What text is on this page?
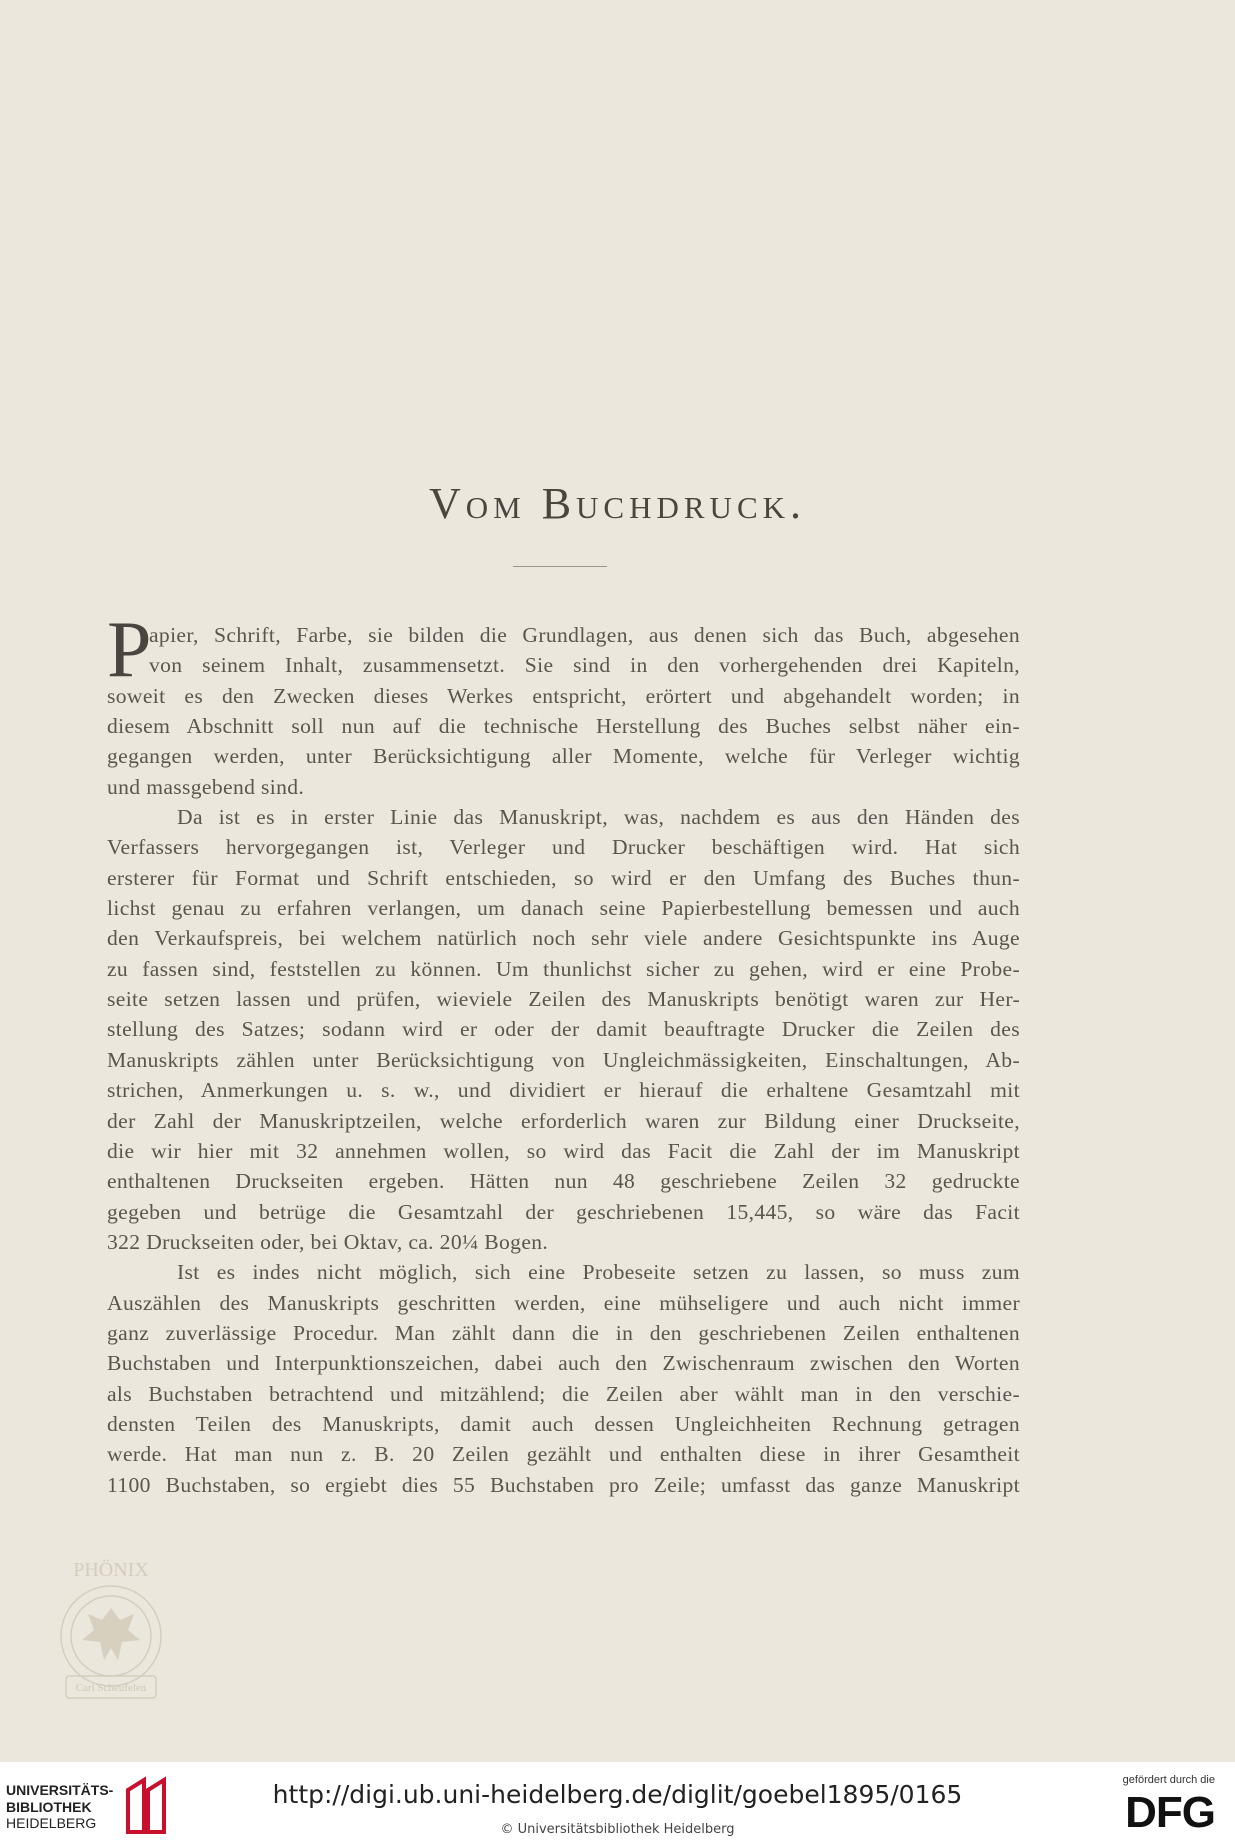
Vom Buchdruck.
P
apier, Schrift, Farbe, sie bilden die Grundlagen, aus denen sich das Buch, abgesehen
von seinem Inhalt, zusammensetzt. Sie sind in den vorhergehenden drei Kapiteln,
soweit es den Zwecken dieses Werkes entspricht, erörtert und abgehandelt worden; in
diesem Abschnitt soll nun auf die technische Herstellung des Buches selbst näher ein-
gegangen werden, unter Berücksichtigung aller Momente, welche für Verleger wichtig
und massgebend sind.
Da ist es in erster Linie das Manuskript, was, nachdem es aus den Händen des
Verfassers hervorgegangen ist, Verleger und Drucker beschäftigen wird. Hat sich
ersterer für Format und Schrift entschieden, so wird er den Umfang des Buches thun-
lichst genau zu erfahren verlangen, um danach seine Papierbestellung bemessen und auch
den Verkaufspreis, bei welchem natürlich noch sehr viele andere Gesichtspunkte ins Auge
zu fassen sind, feststellen zu können. Um thunlichst sicher zu gehen, wird er eine Probe-
seite setzen lassen und prüfen, wieviele Zeilen des Manuskripts benötigt waren zur Her-
stellung des Satzes; sodann wird er oder der damit beauftragte Drucker die Zeilen des
Manuskripts zählen unter Berücksichtigung von Ungleichmässigkeiten, Einschaltungen, Ab-
strichen, Anmerkungen u. s. w., und dividiert er hierauf die erhaltene Gesamtzahl mit
der Zahl der Manuskriptzeilen, welche erforderlich waren zur Bildung einer Druckseite,
die wir hier mit 32 annehmen wollen, so wird das Facit die Zahl der im Manuskript
enthaltenen Druckseiten ergeben. Hätten nun 48 geschriebene Zeilen 32 gedruckte
gegeben und betrüge die Gesamtzahl der geschriebenen 15,445, so wäre das Facit
322 Druckseiten oder, bei Oktav, ca. 20¼ Bogen.
Ist es indes nicht möglich, sich eine Probeseite setzen zu lassen, so muss zum
Auszählen des Manuskripts geschritten werden, eine mühseligere und auch nicht immer
ganz zuverlässige Procedur. Man zählt dann die in den geschriebenen Zeilen enthaltenen
Buchstaben und Interpunktionszeichen, dabei auch den Zwischenraum zwischen den Worten
als Buchstaben betrachtend und mitzählend; die Zeilen aber wählt man in den verschie-
densten Teilen des Manuskripts, damit auch dessen Ungleichheiten Rechnung getragen
werde. Hat man nun z. B. 20 Zeilen gezählt und enthalten diese in ihrer Gesamtheit
1100 Buchstaben, so ergiebt dies 55 Buchstaben pro Zeile; umfasst das ganze Manuskript
PHÖNIX
Carl Scheufelen
UNIVERSITÄTS-
BIBLIOTHEK
HEIDELBERG
http://digi.ub.uni-heidelberg.de/diglit/goebel1895/0165
© Universitätsbibliothek Heidelberg
gefördert durch die
DFG
